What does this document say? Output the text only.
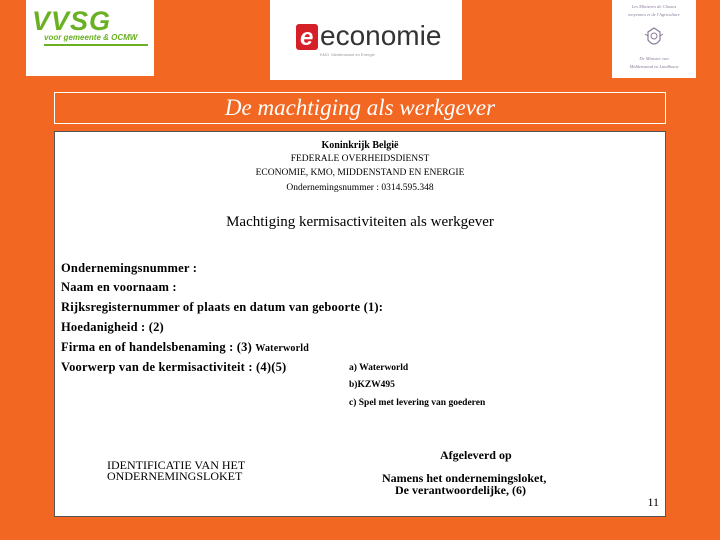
VVSG
voor gemeente & OCMW	e economie
KMO, Middenstand en Energie
Les Ministres de Classes
moyennes et de l'Agriculture
De Minister van
Middenstand en Landbouw
De machtiging als werkgever
Koninkrijk België
FEDERALE OVERHEIDSDIENST
ECONOMIE, KMO, MIDDENSTAND EN ENERGIE
Ondernemingsnummer : 0314.595.348
Machtiging kermisactiviteiten als werkgever
Ondernemingsnummer :
Naam en voornaam :
Rijksregisternummer of plaats en datum van geboorte (1):
Hoedanigheid : (2)
Firma en of handelsbenaming : (3) Waterworld
Voorwerp van de kermisactiviteit : (4)(5)	a) Waterworld
b)KZW495
c) Spel met levering van goederen
IDENTIFICATIE VAN HET
ONDERNEMINGSLOKET
Afgeleverd op
Namens het ondernemingsloket,
De verantwoordelijke, (6)
11
